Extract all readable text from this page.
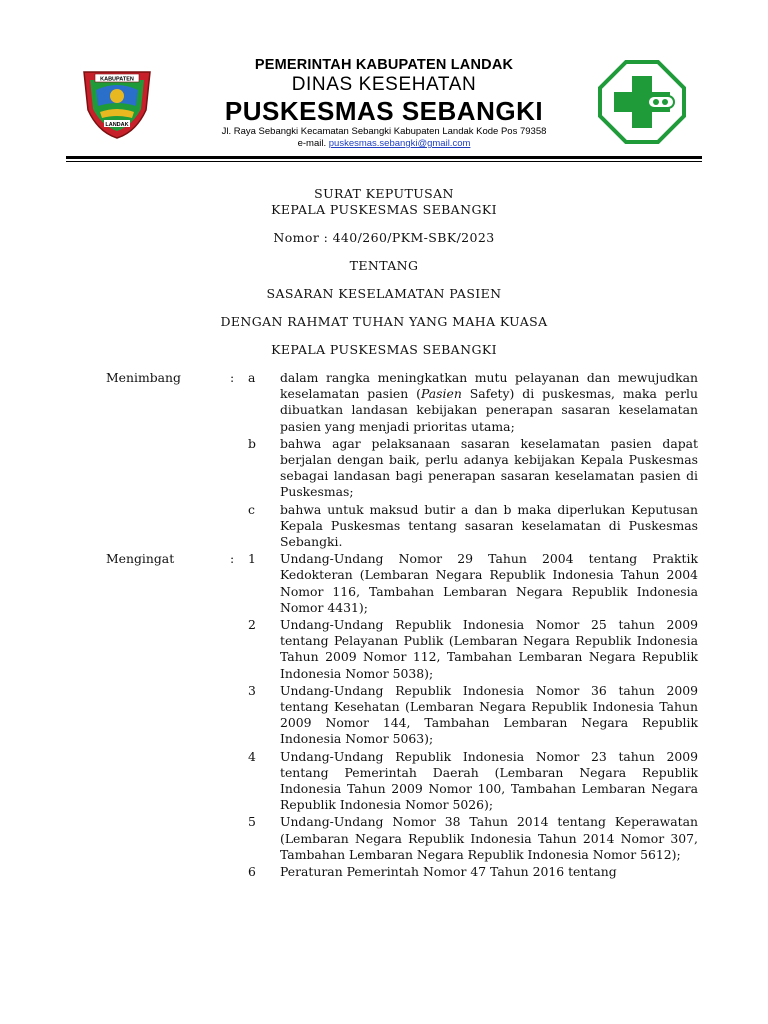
KABUPATEN
LANDAK
PEMERINTAH KABUPATEN LANDAK
DINAS KESEHATAN
PUSKESMAS SEBANGKI
Jl. Raya Sebangki Kecamatan Sebangki Kabupaten Landak Kode Pos 79358
e-mail. puskesmas.sebangki@gmail.com
SURAT KEPUTUSAN
KEPALA PUSKESMAS SEBANGKI
Nomor : 440/260/PKM-SBK/2023
TENTANG
SASARAN KESELAMATAN PASIEN
DENGAN RAHMAT TUHAN YANG MAHA KUASA
KEPALA PUSKESMAS SEBANGKI
Menimbang	:	a	dalam rangka meningkatkan mutu pelayanan dan mewujudkan keselamatan pasien (Pasien Safety) di puskesmas, maka perlu dibuatkan landasan kebijakan penerapan sasaran keselamatan pasien yang menjadi prioritas utama;
b	bahwa agar pelaksanaan sasaran keselamatan pasien dapat berjalan dengan baik, perlu adanya kebijakan Kepala Puskesmas sebagai landasan bagi penerapan sasaran keselamatan pasien di Puskesmas;
c	bahwa untuk maksud butir a dan b maka diperlukan Keputusan Kepala Puskesmas tentang sasaran keselamatan di Puskesmas Sebangki.
Mengingat	:	1	Undang-Undang Nomor 29 Tahun 2004 tentang Praktik Kedokteran (Lembaran Negara Republik Indonesia Tahun 2004 Nomor 116, Tambahan Lembaran Negara Republik Indonesia Nomor 4431);
2	Undang-Undang Republik Indonesia Nomor 25 tahun 2009 tentang Pelayanan Publik (Lembaran Negara Republik Indonesia Tahun 2009 Nomor 112, Tambahan Lembaran Negara Republik Indonesia Nomor 5038);
3	Undang-Undang Republik Indonesia Nomor 36 tahun 2009 tentang Kesehatan (Lembaran Negara Republik Indonesia Tahun 2009 Nomor 144, Tambahan Lembaran Negara Republik Indonesia Nomor 5063);
4	Undang-Undang Republik Indonesia Nomor 23 tahun 2009 tentang Pemerintah Daerah (Lembaran Negara Republik Indonesia Tahun 2009 Nomor 100, Tambahan Lembaran Negara Republik Indonesia Nomor 5026);
5	Undang-Undang Nomor 38 Tahun 2014 tentang Keperawatan (Lembaran Negara Republik Indonesia Tahun 2014 Nomor 307, Tambahan Lembaran Negara Republik Indonesia Nomor 5612);
6	Peraturan Pemerintah Nomor 47 Tahun 2016 tentang
